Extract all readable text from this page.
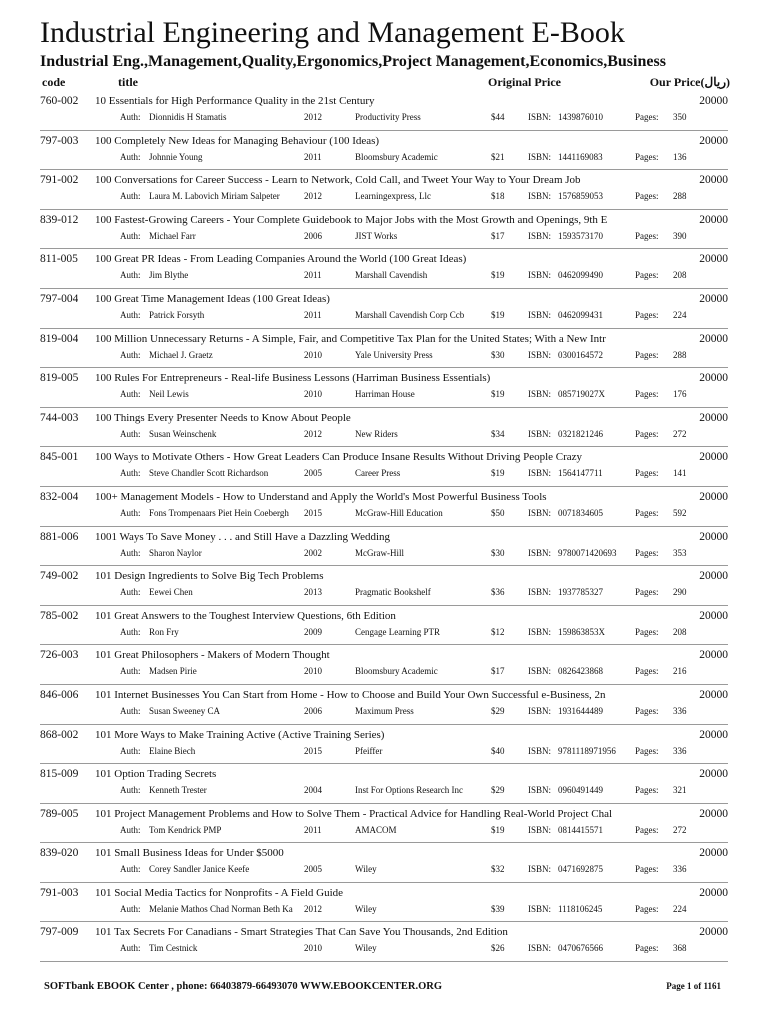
Industrial Engineering and Management E-Book
Industrial Eng.,Management,Quality,Ergonomics,Project Management,Economics,Business
code	title	Original Price	Our Price(ريال)
760-002 10 Essentials for High Performance Quality in the 21st Century	20000
Auth: Dionnidis H Stamatis	2012	Productivity Press	$44	ISBN: 1439876010	Pages: 350
797-003 100 Completely New Ideas for Managing Behaviour (100 Ideas)	20000
Auth: Johnnie Young	2011	Bloomsbury Academic	$21	ISBN: 1441169083	Pages: 136
791-002 100 Conversations for Career Success - Learn to Network, Cold Call, and Tweet Your Way to Your Dream Job	20000
Auth: Laura M. Labovich Miriam Salpeter	2012	Learningexpress, Llc	$18	ISBN: 1576859053	Pages: 288
839-012 100 Fastest-Growing Careers - Your Complete Guidebook to Major Jobs with the Most Growth and Openings, 9th E	20000
Auth: Michael Farr	2006	JIST Works	$17	ISBN: 1593573170	Pages: 390
811-005 100 Great PR Ideas - From Leading Companies Around the World (100 Great Ideas)	20000
Auth: Jim Blythe	2011	Marshall Cavendish	$19	ISBN: 0462099490	Pages: 208
797-004 100 Great Time Management Ideas (100 Great Ideas)	20000
Auth: Patrick Forsyth	2011	Marshall Cavendish Corp Ccb	$19	ISBN: 0462099431	Pages: 224
819-004 100 Million Unnecessary Returns - A Simple, Fair, and Competitive Tax Plan for the United States; With a New Intr	20000
Auth: Michael J. Graetz	2010	Yale University Press	$30	ISBN: 0300164572	Pages: 288
819-005 100 Rules For Entrepreneurs - Real-life Business Lessons (Harriman Business Essentials)	20000
Auth: Neil Lewis	2010	Harriman House	$19	ISBN: 085719027X	Pages: 176
744-003 100 Things Every Presenter Needs to Know About People	20000
Auth: Susan Weinschenk	2012	New Riders	$34	ISBN: 0321821246	Pages: 272
845-001 100 Ways to Motivate Others - How Great Leaders Can Produce Insane Results Without Driving People Crazy	20000
Auth: Steve Chandler Scott Richardson	2005	Career Press	$19	ISBN: 1564147711	Pages: 141
832-004 100+ Management Models - How to Understand and Apply the World's Most Powerful Business Tools	20000
Auth: Fons Trompenaars Piet Hein Coebergh	2015	McGraw-Hill Education	$50	ISBN: 0071834605	Pages: 592
881-006 1001 Ways To Save Money . . . and Still Have a Dazzling Wedding	20000
Auth: Sharon Naylor	2002	McGraw-Hill	$30	ISBN: 9780071420693	Pages: 353
749-002 101 Design Ingredients to Solve Big Tech Problems	20000
Auth: Eewei Chen	2013	Pragmatic Bookshelf	$36	ISBN: 1937785327	Pages: 290
785-002 101 Great Answers to the Toughest Interview Questions, 6th Edition	20000
Auth: Ron Fry	2009	Cengage Learning PTR	$12	ISBN: 159863853X	Pages: 208
726-003 101 Great Philosophers - Makers of Modern Thought	20000
Auth: Madsen Pirie	2010	Bloomsbury Academic	$17	ISBN: 0826423868	Pages: 216
846-006 101 Internet Businesses You Can Start from Home - How to Choose and Build Your Own Successful e-Business, 2n	20000
Auth: Susan Sweeney CA	2006	Maximum Press	$29	ISBN: 1931644489	Pages: 336
868-002 101 More Ways to Make Training Active (Active Training Series)	20000
Auth: Elaine Biech	2015	Pfeiffer	$40	ISBN: 9781118971956	Pages: 336
815-009 101 Option Trading Secrets	20000
Auth: Kenneth Trester	2004	Inst For Options Research Inc	$29	ISBN: 0960491449	Pages: 321
789-005 101 Project Management Problems and How to Solve Them - Practical Advice for Handling Real-World Project Chal	20000
Auth: Tom Kendrick PMP	2011	AMACOM	$19	ISBN: 0814415571	Pages: 272
839-020 101 Small Business Ideas for Under $5000	20000
Auth: Corey Sandler Janice Keefe	2005	Wiley	$32	ISBN: 0471692875	Pages: 336
791-003 101 Social Media Tactics for Nonprofits - A Field Guide	20000
Auth: Melanie Mathos Chad Norman Beth Ka	2012	Wiley	$39	ISBN: 1118106245	Pages: 224
797-009 101 Tax Secrets For Canadians - Smart Strategies That Can Save You Thousands, 2nd Edition	20000
Auth: Tim Cestnick	2010	Wiley	$26	ISBN: 0470676566	Pages: 368
SOFTbank EBOOK Center , phone: 66403879-66493070 WWW.EBOOKCENTER.ORG	Page 1 of 1161
